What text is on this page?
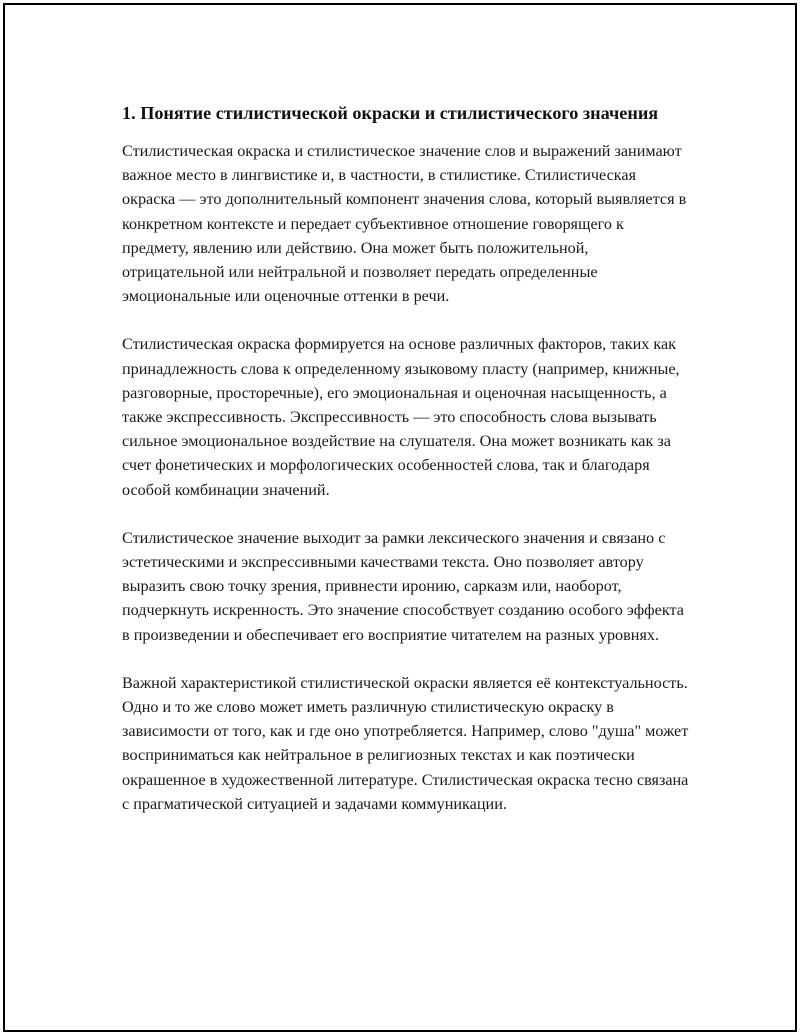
1. Понятие стилистической окраски и стилистического значения

Стилистическая окраска и стилистическое значение слов и выражений занимают важное место в лингвистике и, в частности, в стилистике. Стилистическая окраска — это дополнительный компонент значения слова, который выявляется в конкретном контексте и передает субъективное отношение говорящего к предмету, явлению или действию. Она может быть положительной, отрицательной или нейтральной и позволяет передать определенные эмоциональные или оценочные оттенки в речи.

Стилистическая окраска формируется на основе различных факторов, таких как принадлежность слова к определенному языковому пласту (например, книжные, разговорные, просторечные), его эмоциональная и оценочная насыщенность, а также экспрессивность. Экспрессивность — это способность слова вызывать сильное эмоциональное воздействие на слушателя. Она может возникать как за счет фонетических и морфологических особенностей слова, так и благодаря особой комбинации значений.

Стилистическое значение выходит за рамки лексического значения и связано с эстетическими и экспрессивными качествами текста. Оно позволяет автору выразить свою точку зрения, привнести иронию, сарказм или, наоборот, подчеркнуть искренность. Это значение способствует созданию особого эффекта в произведении и обеспечивает его восприятие читателем на разных уровнях.

Важной характеристикой стилистической окраски является её контекстуальность. Одно и то же слово может иметь различную стилистическую окраску в зависимости от того, как и где оно употребляется. Например, слово "душа" может восприниматься как нейтральное в религиозных текстах и как поэтически окрашенное в художественной литературе. Стилистическая окраска тесно связана с прагматической ситуацией и задачами коммуникации.
